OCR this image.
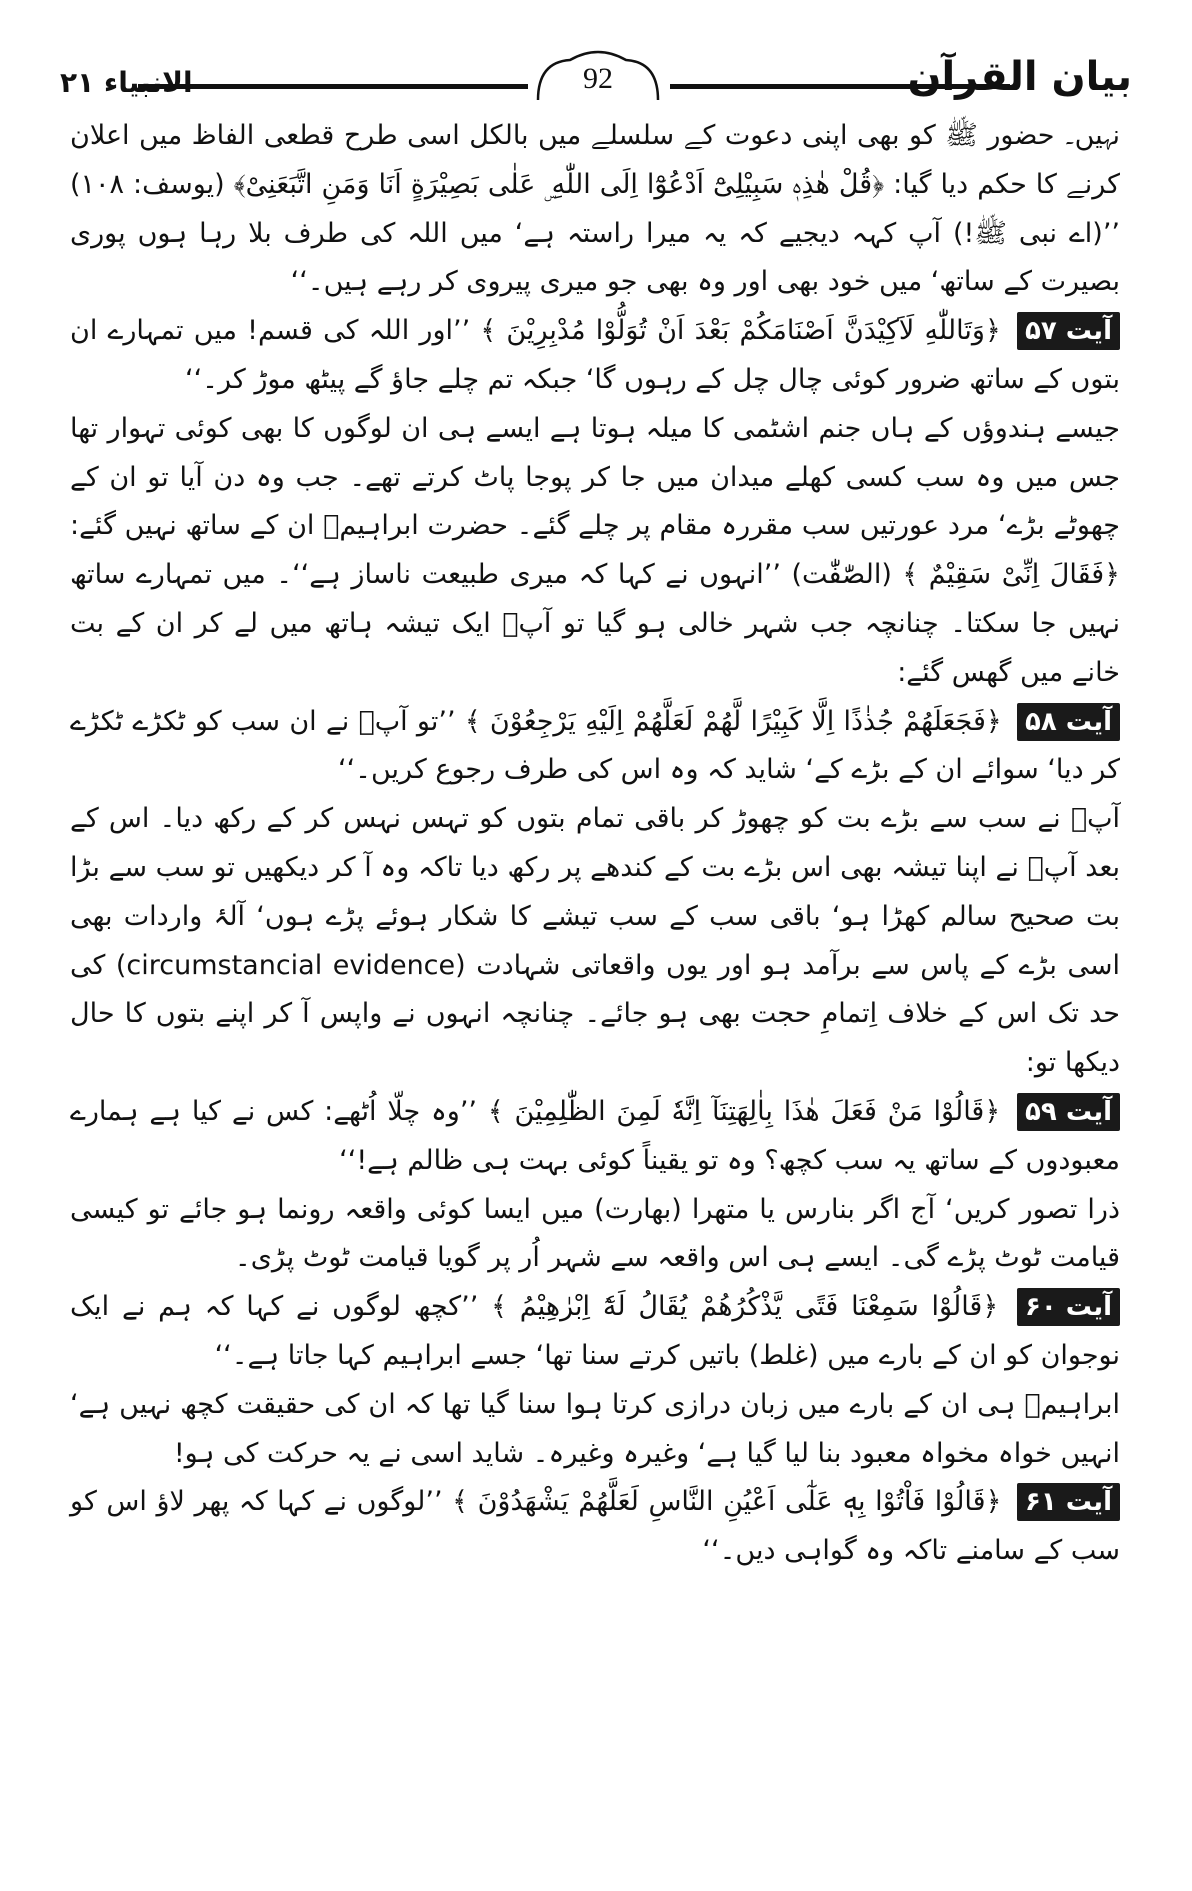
92
الانبیاء ۲۱	بیان القرآن

نہیں۔ حضور ﷺ کو بھی اپنی دعوت کے سلسلے میں بالکل اسی طرح قطعی الفاظ میں اعلان کرنے کا حکم دیا گیا: ﴿قُلْ هٰذِهٖ سَبِیْلِیْٓ اَدْعُوْٓا اِلَى اللّٰهِ ۣ عَلٰی بَصِیْرَةٍ اَنَا وَمَنِ اتَّبَعَنِیْ﴾ (یوسف: ۱۰۸) ’’(اے نبی ﷺ!) آپ کہہ دیجیے کہ یہ میرا راستہ ہے‘ میں اللہ کی طرف بلا رہا ہوں پوری بصیرت کے ساتھ‘ میں خود بھی اور وہ بھی جو میری پیروی کر رہے ہیں۔‘‘

آیت ۵۷ ﴿وَتَاللّٰهِ لَاَكِیْدَنَّ اَصْنَامَكُمْ بَعْدَ اَنْ تُوَلُّوْا مُدْبِرِیْنَ ﴾ ’’اور اللہ کی قسم! میں تمہارے ان بتوں کے ساتھ ضرور کوئی چال چل کے رہوں گا‘ جبکہ تم چلے جاؤ گے پیٹھ موڑ کر۔‘‘

جیسے ہندوؤں کے ہاں جنم اشٹمی کا میلہ ہوتا ہے ایسے ہی ان لوگوں کا بھی کوئی تہوار تھا جس میں وہ سب کسی کھلے میدان میں جا کر پوجا پاٹ کرتے تھے۔ جب وہ دن آیا تو ان کے چھوٹے بڑے‘ مرد عورتیں سب مقررہ مقام پر چلے گئے۔ حضرت ابراہیمؑ ان کے ساتھ نہیں گئے: ﴿فَقَالَ اِنِّیْ سَقِیْمٌ ﴾ (الصّٰفّٰت) ’’انہوں نے کہا کہ میری طبیعت ناساز ہے‘‘۔ میں تمہارے ساتھ نہیں جا سکتا۔ چنانچہ جب شہر خالی ہو گیا تو آپؑ ایک تیشہ ہاتھ میں لے کر ان کے بت خانے میں گھس گئے:

آیت ۵۸ ﴿فَجَعَلَهُمْ جُذٰذًا اِلَّا كَبِیْرًا لَّهُمْ لَعَلَّهُمْ اِلَیْهِ یَرْجِعُوْنَ ﴾ ’’تو آپؑ نے ان سب کو ٹکڑے ٹکڑے کر دیا‘ سوائے ان کے بڑے کے‘ شاید کہ وہ اس کی طرف رجوع کریں۔‘‘

آپؑ نے سب سے بڑے بت کو چھوڑ کر باقی تمام بتوں کو تہس نہس کر کے رکھ دیا۔ اس کے بعد آپؑ نے اپنا تیشہ بھی اس بڑے بت کے کندھے پر رکھ دیا تاکہ وہ آ کر دیکھیں تو سب سے بڑا بت صحیح سالم کھڑا ہو‘ باقی سب کے سب تیشے کا شکار ہوئے پڑے ہوں‘ آلۂ واردات بھی اسی بڑے کے پاس سے برآمد ہو اور یوں واقعاتی شہادت (circumstancial evidence) کی حد تک اس کے خلاف اِتمامِ حجت بھی ہو جائے۔ چنانچہ انہوں نے واپس آ کر اپنے بتوں کا حال دیکھا تو:

آیت ۵۹ ﴿قَالُوْا مَنْ فَعَلَ هٰذَا بِاٰلِهَتِنَآ اِنَّهٗ لَمِنَ الظّٰلِمِیْنَ ﴾ ’’وہ چلّا اُٹھے: کس نے کیا ہے ہمارے معبودوں کے ساتھ یہ سب کچھ؟ وہ تو یقیناً کوئی بہت ہی ظالم ہے!‘‘

ذرا تصور کریں‘ آج اگر بنارس یا متھرا (بھارت) میں ایسا کوئی واقعہ رونما ہو جائے تو کیسی قیامت ٹوٹ پڑے گی۔ ایسے ہی اس واقعہ سے شہر اُر پر گویا قیامت ٹوٹ پڑی۔

آیت ۶۰ ﴿قَالُوْا سَمِعْنَا فَتًی یَّذْكُرُهُمْ یُقَالُ لَهٗٓ اِبْرٰهِیْمُ ﴾ ’’کچھ لوگوں نے کہا کہ ہم نے ایک نوجوان کو ان کے بارے میں (غلط) باتیں کرتے سنا تھا‘ جسے ابراہیم کہا جاتا ہے۔‘‘

ابراہیمؑ ہی ان کے بارے میں زبان درازی کرتا ہوا سنا گیا تھا کہ ان کی حقیقت کچھ نہیں ہے‘ انہیں خواہ مخواہ معبود بنا لیا گیا ہے‘ وغیرہ وغیرہ۔ شاید اسی نے یہ حرکت کی ہو!

آیت ۶۱ ﴿قَالُوْا فَاْتُوْا بِهٖ عَلٰٓی اَعْیُنِ النَّاسِ لَعَلَّهُمْ یَشْهَدُوْنَ ﴾ ’’لوگوں نے کہا کہ پھر لاؤ اس کو سب کے سامنے تاکہ وہ گواہی دیں۔‘‘
